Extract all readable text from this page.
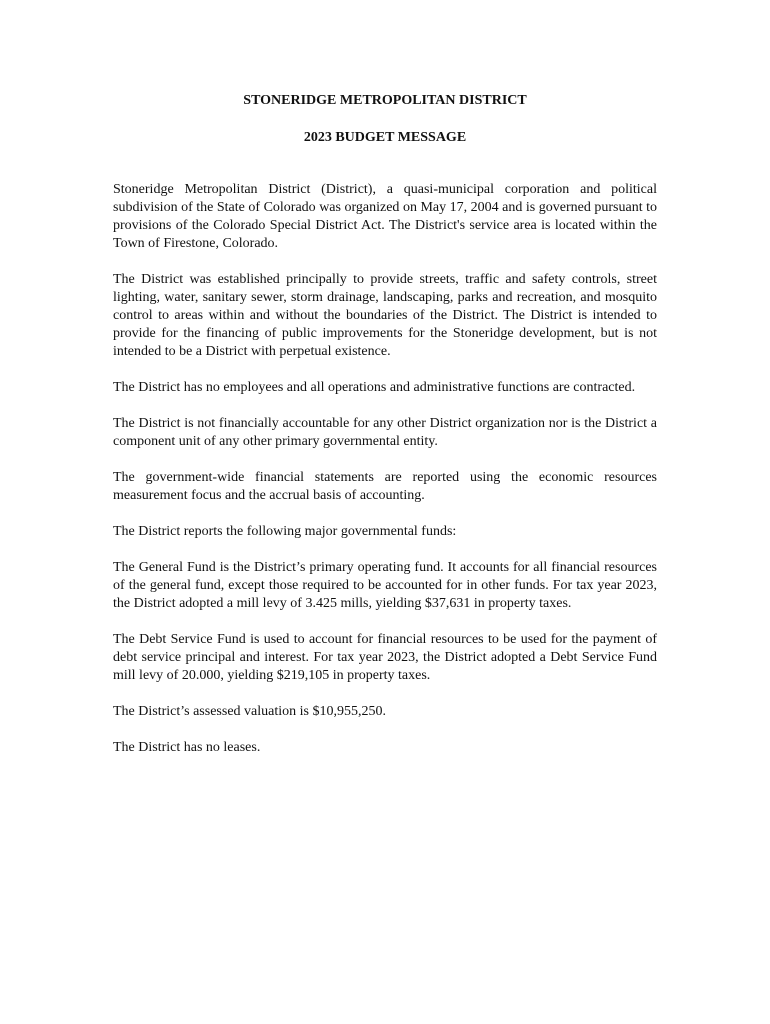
STONERIDGE METROPOLITAN DISTRICT

2023 BUDGET MESSAGE

Stoneridge Metropolitan District (District), a quasi-municipal corporation and political subdivision of the State of Colorado was organized on May 17, 2004 and is governed pursuant to provisions of the Colorado Special District Act. The District's service area is located within the Town of Firestone, Colorado.

The District was established principally to provide streets, traffic and safety controls, street lighting, water, sanitary sewer, storm drainage, landscaping, parks and recreation, and mosquito control to areas within and without the boundaries of the District. The District is intended to provide for the financing of public improvements for the Stoneridge development, but is not intended to be a District with perpetual existence.

The District has no employees and all operations and administrative functions are contracted.

The District is not financially accountable for any other District organization nor is the District a component unit of any other primary governmental entity.

The government-wide financial statements are reported using the economic resources measurement focus and the accrual basis of accounting.

The District reports the following major governmental funds:

The General Fund is the District’s primary operating fund. It accounts for all financial resources of the general fund, except those required to be accounted for in other funds. For tax year 2023, the District adopted a mill levy of 3.425 mills, yielding $37,631 in property taxes.

The Debt Service Fund is used to account for financial resources to be used for the payment of debt service principal and interest. For tax year 2023, the District adopted a Debt Service Fund mill levy of 20.000, yielding $219,105 in property taxes.

The District’s assessed valuation is $10,955,250.

The District has no leases.
